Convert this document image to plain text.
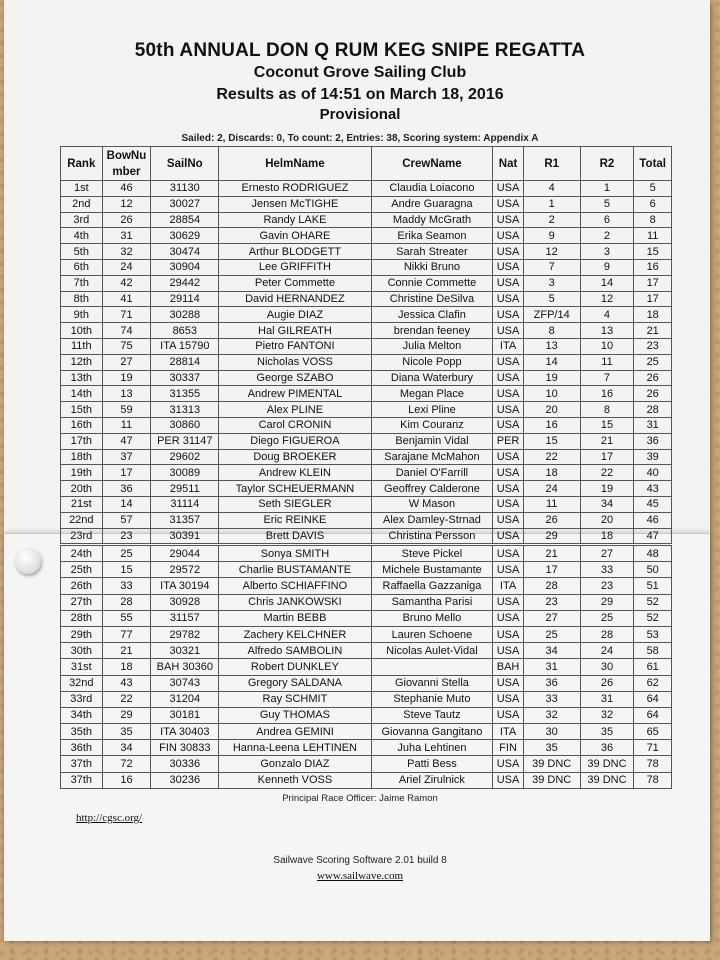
50th ANNUAL DON Q RUM KEG SNIPE REGATTA
Coconut Grove Sailing Club
Results as of 14:51 on March 18, 2016
Provisional
Sailed: 2, Discards: 0, To count: 2, Entries: 38, Scoring system: Appendix A
Rank	BowNu mber	SailNo	HelmName	CrewName	Nat	R1	R2	Total
1st	46	31130	Ernesto RODRIGUEZ	Claudia Loiacono	USA	4	1	5
2nd	12	30027	Jensen McTIGHE	Andre Guaragna	USA	1	5	6
3rd	26	28854	Randy LAKE	Maddy McGrath	USA	2	6	8
4th	31	30629	Gavin OHARE	Erika Seamon	USA	9	2	11
5th	32	30474	Arthur BLODGETT	Sarah Streater	USA	12	3	15
6th	24	30904	Lee GRIFFITH	Nikki Bruno	USA	7	9	16
7th	42	29442	Peter Commette	Connie Commette	USA	3	14	17
8th	41	29114	David HERNANDEZ	Christine DeSilva	USA	5	12	17
9th	71	30288	Augie DIAZ	Jessica Clafin	USA	ZFP/14	4	18
10th	74	8653	Hal GILREATH	brendan feeney	USA	8	13	21
11th	75	ITA 15790	Pietro FANTONI	Julia Melton	ITA	13	10	23
12th	27	28814	Nicholas VOSS	Nicole Popp	USA	14	11	25
13th	19	30337	George SZABO	Diana Waterbury	USA	19	7	26
14th	13	31355	Andrew PIMENTAL	Megan Place	USA	10	16	26
15th	59	31313	Alex PLINE	Lexi Pline	USA	20	8	28
16th	11	30860	Carol CRONIN	Kim Couranz	USA	16	15	31
17th	47	PER 31147	Diego FIGUEROA	Benjamin Vidal	PER	15	21	36
18th	37	29602	Doug BROEKER	Sarajane McMahon	USA	22	17	39
19th	17	30089	Andrew KLEIN	Daniel O'Farrill	USA	18	22	40
20th	36	29511	Taylor SCHEUERMANN	Geoffrey Calderone	USA	24	19	43
21st	14	31114	Seth SIEGLER	W Mason	USA	11	34	45
22nd	57	31357	Eric REINKE	Alex Damley-Strnad	USA	26	20	46
23rd	23	30391	Brett DAVIS	Christina Persson	USA	29	18	47
24th	25	29044	Sonya SMITH	Steve Pickel	USA	21	27	48
25th	15	29572	Charlie BUSTAMANTE	Michele Bustamante	USA	17	33	50
26th	33	ITA 30194	Alberto SCHIAFFINO	Raffaella Gazzaniga	ITA	28	23	51
27th	28	30928	Chris JANKOWSKI	Samantha Parisi	USA	23	29	52
28th	55	31157	Martin BEBB	Bruno Mello	USA	27	25	52
29th	77	29782	Zachery KELCHNER	Lauren Schoene	USA	25	28	53
30th	21	30321	Alfredo SAMBOLIN	Nicolas Aulet-Vidal	USA	34	24	58
31st	18	BAH 30360	Robert DUNKLEY		BAH	31	30	61
32nd	43	30743	Gregory SALDANA	Giovanni Stella	USA	36	26	62
33rd	22	31204	Ray SCHMIT	Stephanie Muto	USA	33	31	64
34th	29	30181	Guy THOMAS	Steve Tautz	USA	32	32	64
35th	35	ITA 30403	Andrea GEMINI	Giovanna Gangitano	ITA	30	35	65
36th	34	FIN 30833	Hanna-Leena LEHTINEN	Juha Lehtinen	FIN	35	36	71
37th	72	30336	Gonzalo DIAZ	Patti Bess	USA	39 DNC	39 DNC	78
37th	16	30236	Kenneth VOSS	Ariel Zirulnick	USA	39 DNC	39 DNC	78
Principal Race Officer: Jaime Ramon
http://cgsc.org/
Sailwave Scoring Software 2.01 build 8
www.sailwave.com
